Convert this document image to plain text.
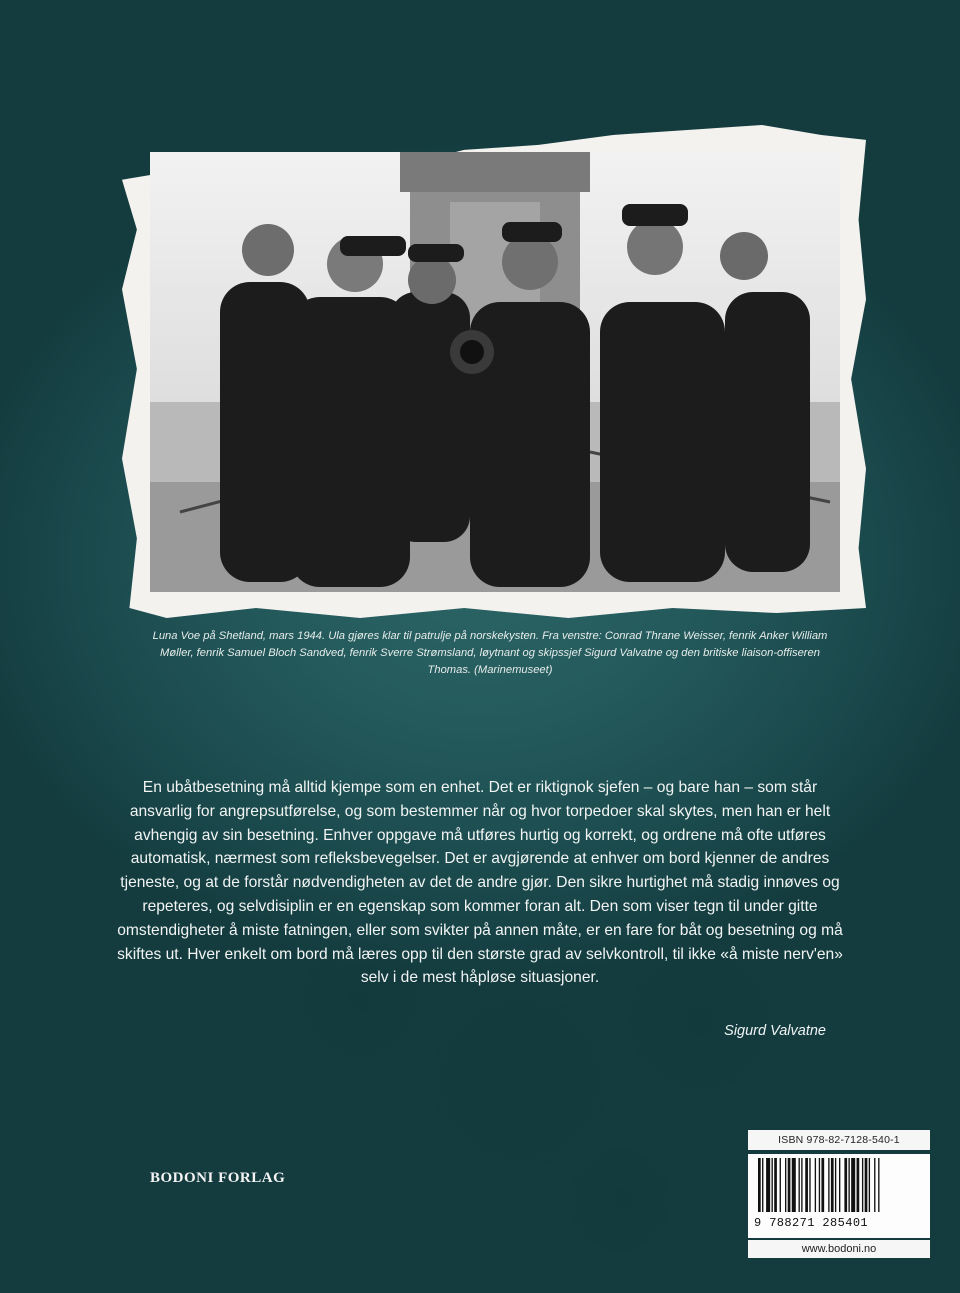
Luna Voe på Shetland, mars 1944. Ula gjøres klar til patrulje på norskekysten. Fra venstre: Conrad Thrane Weisser, fenrik Anker William Møller, fenrik Samuel Bloch Sandved, fenrik Sverre Strømsland, løytnant og skipssjef Sigurd Valvatne og den britiske liaison-offiseren Thomas. (Marinemuseet)

En ubåtbesetning må alltid kjempe som en enhet. Det er riktignok sjefen – og bare han – som står ansvarlig for angrepsutførelse, og som bestemmer når og hvor torpedoer skal skytes, men han er helt avhengig av sin besetning. Enhver oppgave må utføres hurtig og korrekt, og ordrene må ofte utføres automatisk, nærmest som refleksbevegelser. Det er avgjørende at enhver om bord kjenner de andres tjeneste, og at de forstår nødvendigheten av det de andre gjør. Den sikre hurtighet må stadig innøves og repeteres, og selvdisiplin er en egenskap som kommer foran alt. Den som viser tegn til under gitte omstendigheter å miste fatningen, eller som svikter på annen måte, er en fare for båt og besetning og må skiftes ut. Hver enkelt om bord må læres opp til den største grad av selvkontroll, til ikke «å miste nerv'en» selv i de mest håpløse situasjoner.

Sigurd Valvatne
BODONI FORLAG
ISBN 978-82-7128-540-1
9 788271 285401
www.bodoni.no
